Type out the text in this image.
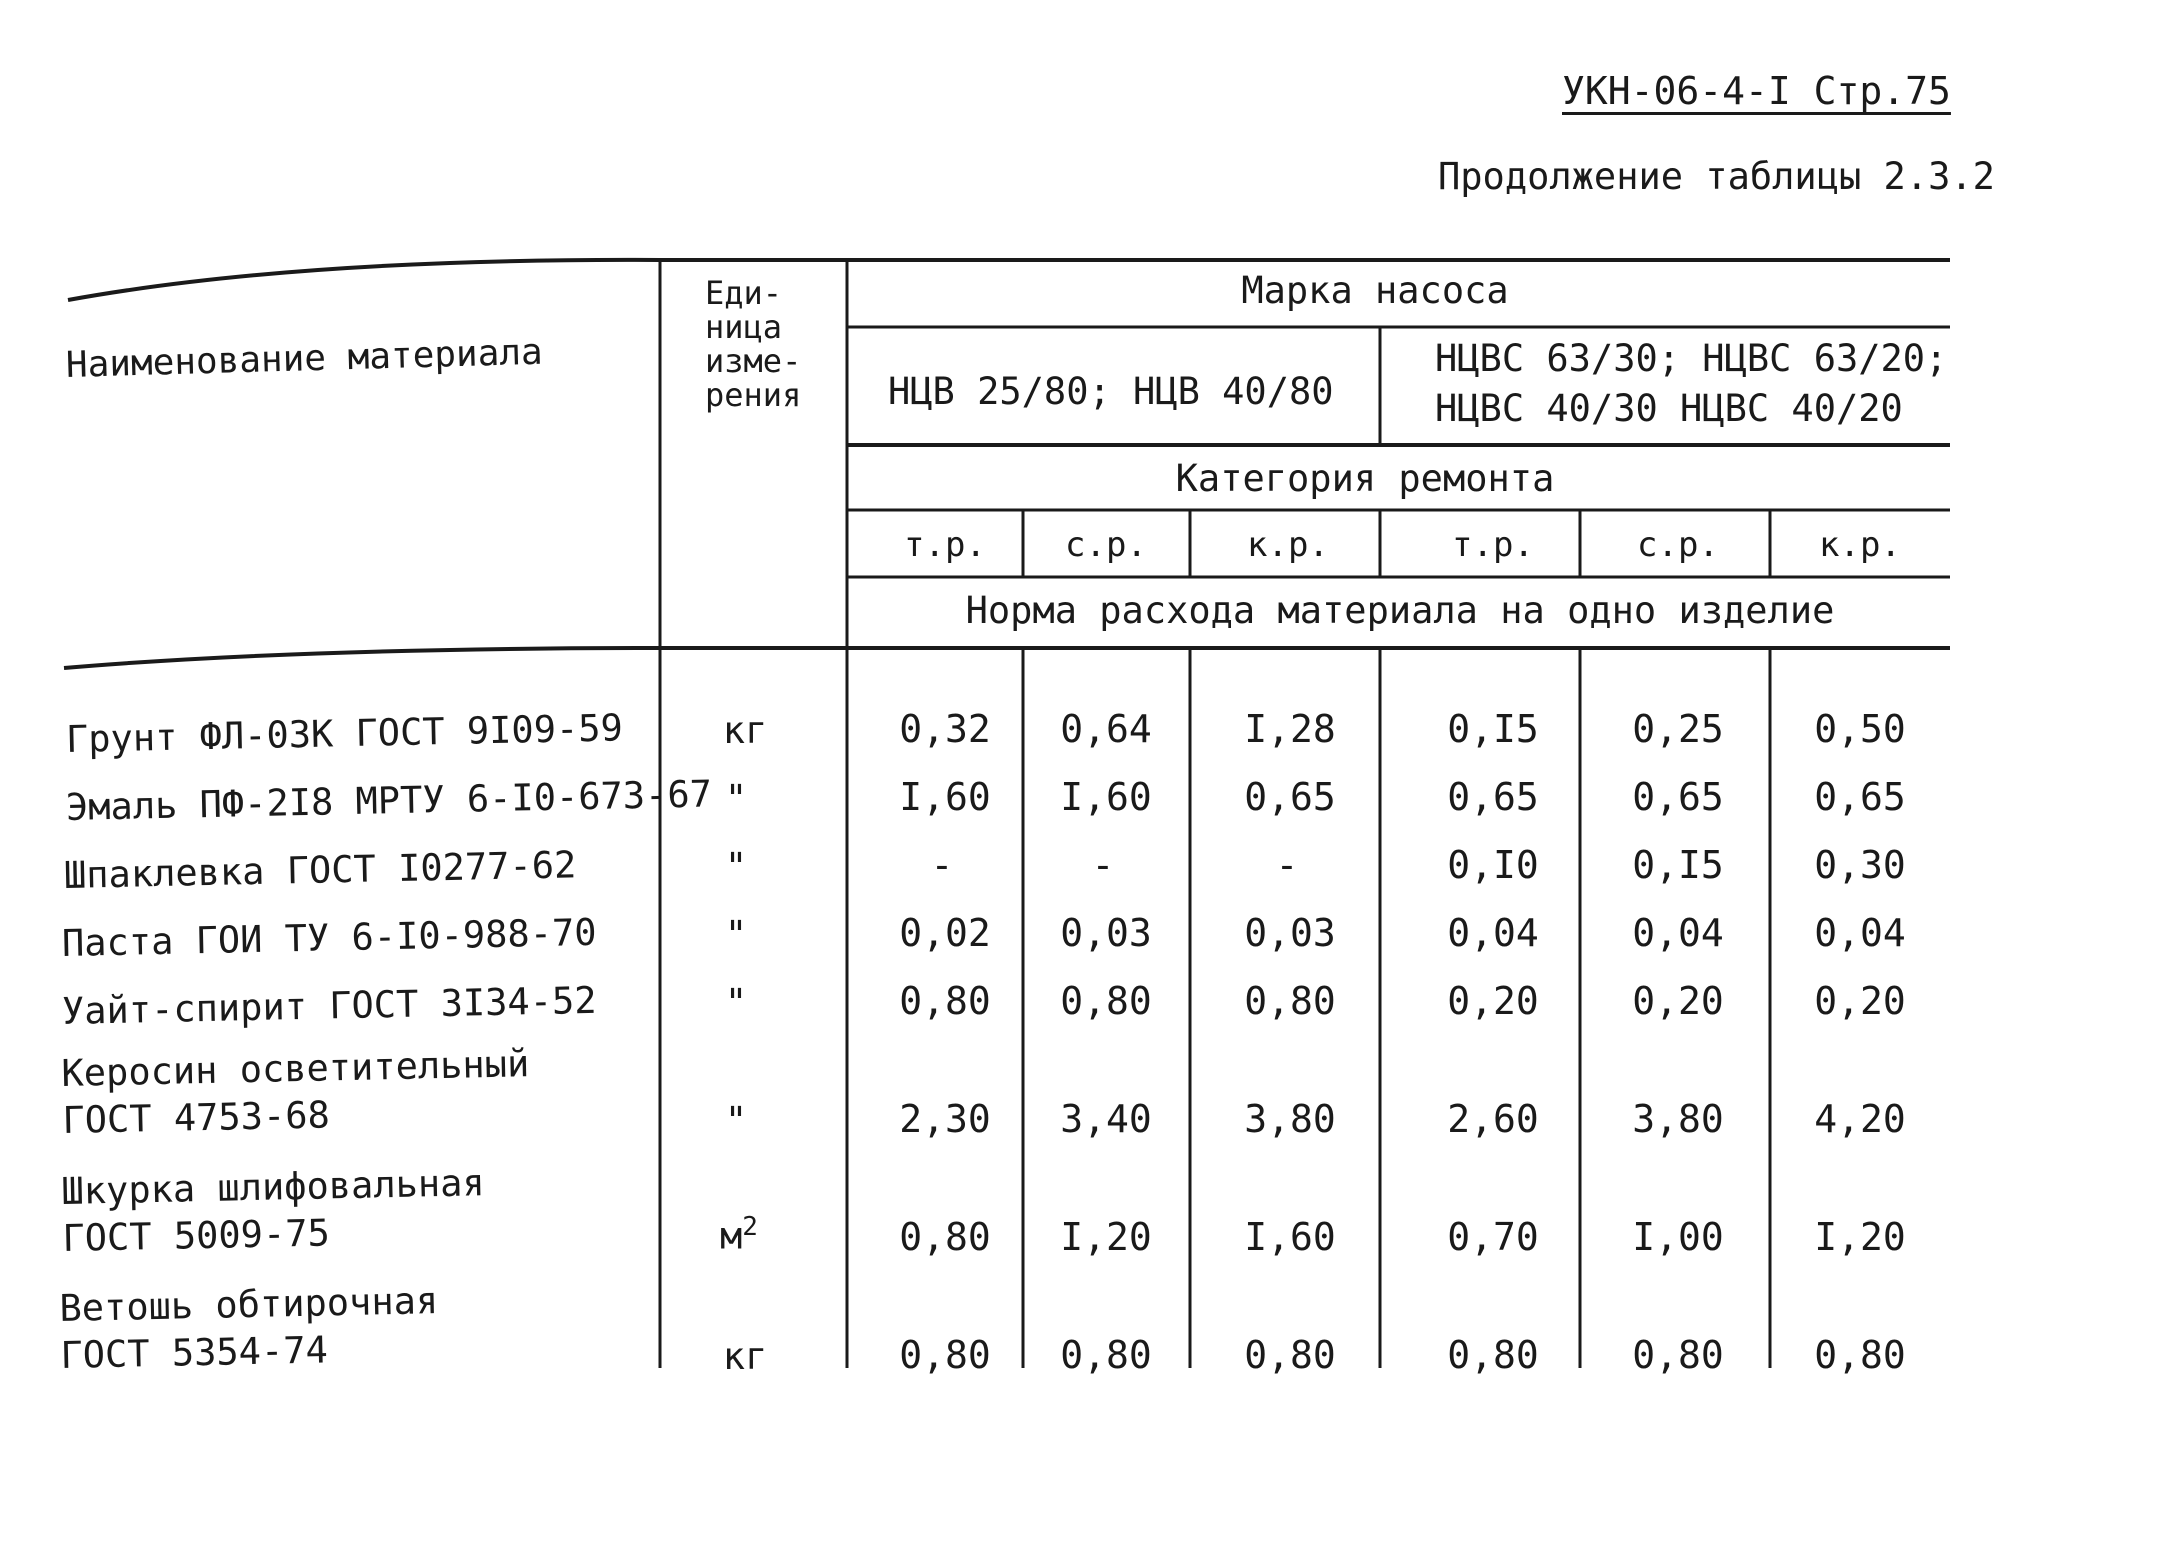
УКН-06-4-I Стр.75
Продолжение таблицы 2.3.2
Наименование материала
Еди-
ница
изме-
рения
Марка насоса
НЦВ 25/80; НЦВ 40/80
НЦВС 63/30; НЦВС 63/20;
НЦВС 40/30 НЦВС 40/20
Категория ремонта
т.р. с.р.	к.р.	т.р.	с.р.	к.р.
Норма расхода материала на одно изделие
Грунт ФЛ-03К ГОСТ 9I09-59	кг	0,32 0,64 I,28	0,I5 0,25 0,50
Эмаль ПФ-2I8 МРТУ 6-I0-673-67 "	I,60 I,60 0,65	0,65 0,65 0,65
Шпаклевка ГОСТ I0277-62	"	-	-	-	0,I0 0,I5 0,30
Паста ГОИ ТУ 6-I0-988-70	"	0,02 0,03 0,03	0,04 0,04 0,04
Уайт-спирит ГОСТ 3I34-52	"	0,80 0,80 0,80	0,20 0,20 0,20
Керосин осветительный
ГОСТ 4753-68	"	2,30 3,40 3,80	2,60 3,80 4,20
Шкурка шлифовальная
ГОСТ 5009-75	$м^2$	0,80 I,20 I,60	0,70 I,00 I,20
Ветошь обтирочная
ГОСТ 5354-74	кг	0,80 0,80 0,80	0,80 0,80 0,80
